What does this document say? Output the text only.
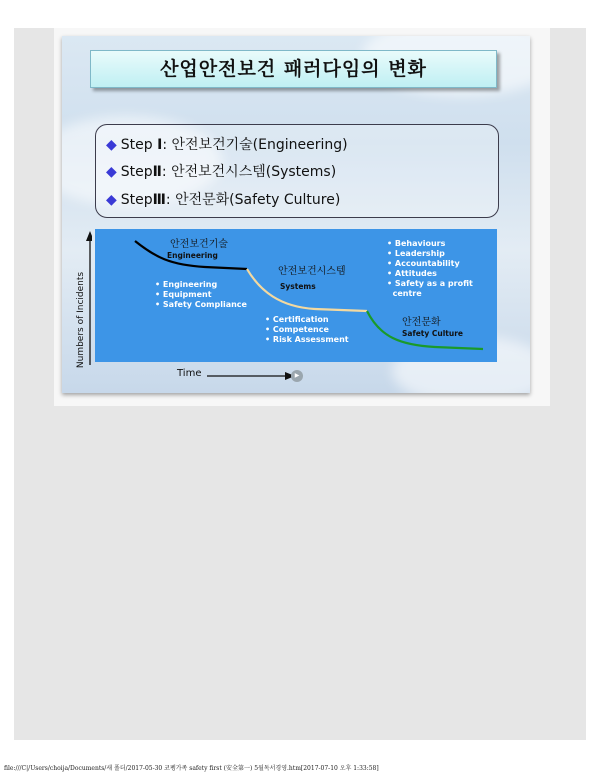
산업안전보건 패러다임의 변화
◆ Step Ⅰ: 안전보건기술(Engineering)
◆ StepⅡ: 안전보건시스템(Systems)
◆ StepⅢ: 안전문화(Safety Culture)
Numbers of Incidents
안전보건기술
Engineering
안전보건시스템
Systems
안전문화
Safety Culture
• Engineering
• Equipment
• Safety Compliance
• Certification
• Competence
• Risk Assessment
• Behaviours
• Leadership
• Accountability
• Attitudes
• Safety as a profit
centre
Time	▶
file:///C|/Users/choija/Documents/새 폴더/2017-05-30 코펭가족 safety first (安全第一) 5월독서경영.htm[2017-07-10 오후 1:33:58]
